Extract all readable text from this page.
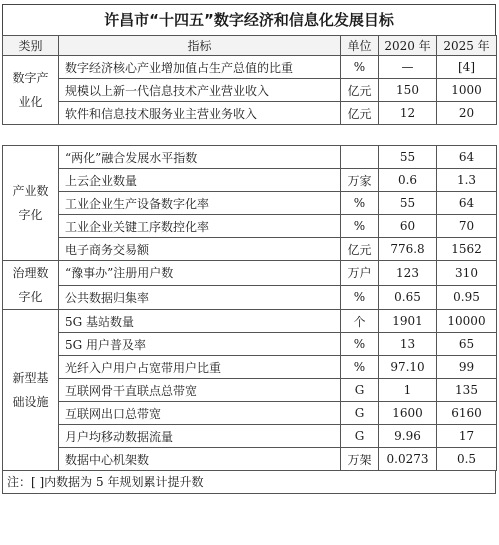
许昌市“十四五”数字经济和信息化发展目标
类别	指标	单位	2020 年	2025 年
数字产业化	数字经济核心产业增加值占生产总值的比重	%	—	[4]
	规模以上新一代信息技术产业营业收入	亿元	150	1000
	软件和信息技术服务业主营业务收入	亿元	12	20

产业数字化	“两化”融合发展水平指数		55	64
	上云企业数量	万家	0.6	1.3
	工业企业生产设备数字化率	%	55	64
	工业企业关键工序数控化率	%	60	70
	电子商务交易额	亿元	776.8	1562
治理数字化	“豫事办”注册用户数	万户	123	310
	公共数据归集率	%	0.65	0.95
新型基础设施	5G 基站数量	个	1901	10000
	5G 用户普及率	%	13	65
	光纤入户用户占宽带用户比重	%	97.10	99
	互联网骨干直联点总带宽	G	1	135
	互联网出口总带宽	G	1600	6160
	月户均移动数据流量	G	9.96	17
	数据中心机架数	万架	0.0273	0.5
注：[ ]内数据为 5 年规划累计提升数
